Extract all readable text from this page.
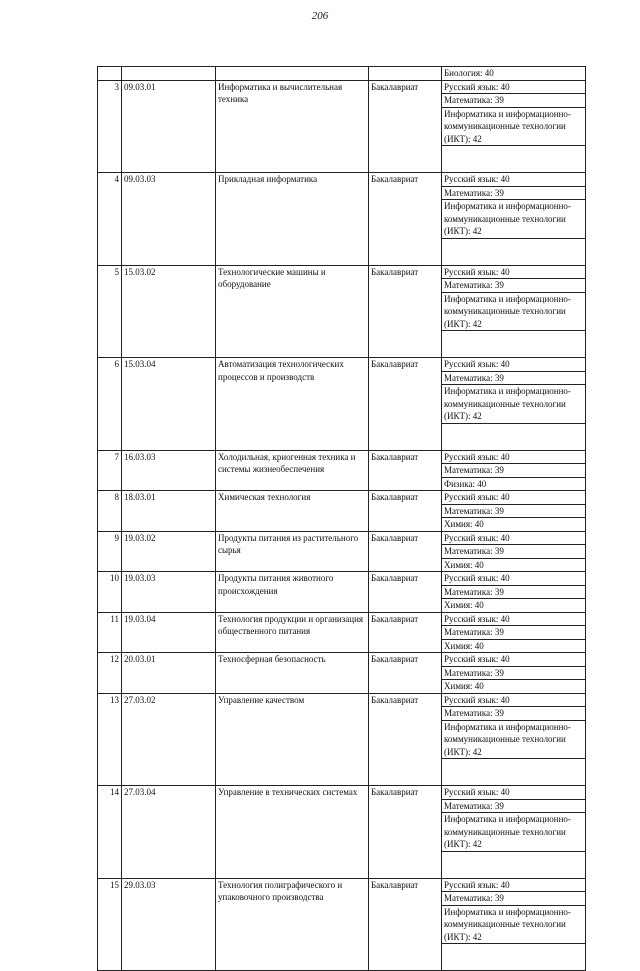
206
				Биология: 40
3	09.03.01	Информатика и вычислительная техника	Бакалавриат	Русский язык: 40
				Математика: 39
				Информатика и информационно-коммуникационные технологии (ИКТ): 42

4	09.03.03	Прикладная информатика	Бакалавриат	Русский язык: 40
				Математика: 39
				Информатика и информационно-коммуникационные технологии (ИКТ): 42

5	15.03.02	Технологические машины и оборудование	Бакалавриат	Русский язык: 40
				Математика: 39
				Информатика и информационно-коммуникационные технологии (ИКТ): 42

6	15.03.04	Автоматизация технологических процессов и производств	Бакалавриат	Русский язык: 40
				Математика: 39
				Информатика и информационно-коммуникационные технологии (ИКТ): 42

7	16.03.03	Холодильная, криогенная техника и системы жизнеобеспечения	Бакалавриат	Русский язык: 40
				Математика: 39
				Физика: 40
8	18.03.01	Химическая технология	Бакалавриат	Русский язык: 40
				Математика: 39
				Химия: 40
9	19.03.02	Продукты питания из растительного сырья	Бакалавриат	Русский язык: 40
				Математика: 39
				Химия: 40
10	19.03.03	Продукты питания животного происхождения	Бакалавриат	Русский язык: 40
				Математика: 39
				Химия: 40
11	19.03.04	Технология продукции и организация общественного питания	Бакалавриат	Русский язык: 40
				Математика: 39
				Химия: 40
12	20.03.01	Техносферная безопасность	Бакалавриат	Русский язык: 40
				Математика: 39
				Химия: 40
13	27.03.02	Управление качеством	Бакалавриат	Русский язык: 40
				Математика: 39
				Информатика и информационно-коммуникационные технологии (ИКТ): 42

14	27.03.04	Управление в технических системах	Бакалавриат	Русский язык: 40
				Математика: 39
				Информатика и информационно-коммуникационные технологии (ИКТ): 42

15	29.03.03	Технология полиграфического и упаковочного производства	Бакалавриат	Русский язык: 40
				Математика: 39
				Информатика и информационно-коммуникационные технологии (ИКТ): 42
